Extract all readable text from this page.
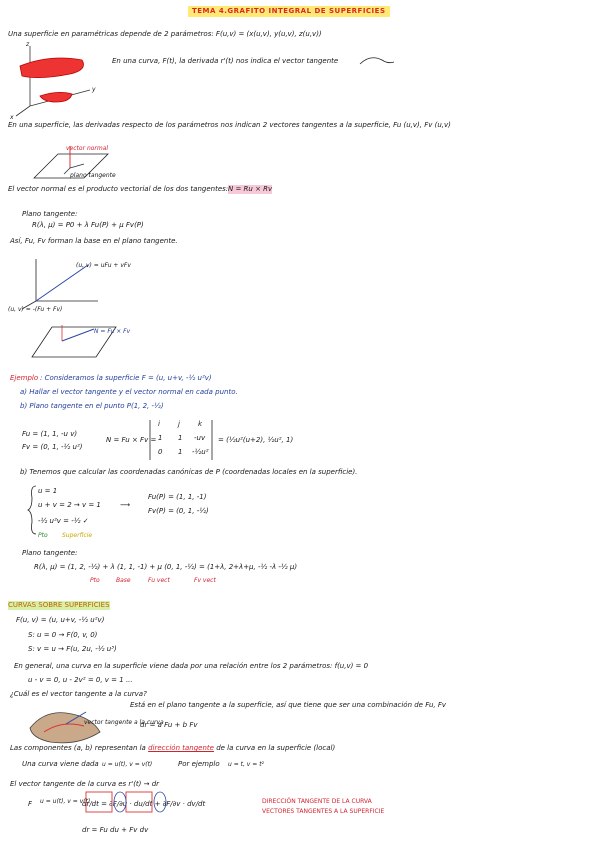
TEMA 4.GRAFITO INTEGRAL DE SUPERFICIES
Una superficie en paramétricas depende de 2 parámetros: F(u,v) = (x(u,v), y(u,v), z(u,v))
z
y
x
En una curva, F(t), la derivada r'(t) nos indica el vector tangente
En una superficie, las derivadas respecto de los parámetros nos indican 2 vectores tangentes a la superficie, Fu (u,v), Fv (u,v)
vector normal
plano tangente
El vector normal es el producto vectorial de los dos tangentes: N = Ru × Rv
Plano tangente:
R(λ, μ) = P0 + λ Fu(P) + μ Fv(P)
Así, Fu, Fv forman la base en el plano tangente.
(u, v) = uFu + vFv
(u, v) = -(Fu + Fv)
N = Fu × Fv
Ejemplo : Consideramos la superficie F = (u, u+v, -½ u²v)
a) Hallar el vector tangente y el vector normal en cada punto.
b) Plano tangente en el punto P(1, 2, -½)
Fu = (1, 1, -u v)
Fv = (0, 1, -½ u²)
N = Fu × Fv =
i	j	k
1 1 -uv
0 1 -½u²
= (½u²(u+2), ½u², 1)
b) Tenemos que calcular las coordenadas canónicas de P (coordenadas locales en la superficie).
u = 1
u + v = 2 → v = 1
-½ u²v = -½ ✓
Pto Superficie
⟶
Fu(P) = (1, 1, -1)
Fv(P) = (0, 1, -½)
Plano tangente:
R(λ, μ) = (1, 2, -½) + λ (1, 1, -1) + μ (0, 1, -½) = (1+λ, 2+λ+μ, -½ -λ -½ μ)
Pto	Base	Fu vect	Fv vect
CURVAS SOBRE SUPERFICIES
F(u, v) = (u, u+v, -½ u²v)
S: u = 0 → F(0, v, 0)
S: v = u → F(u, 2u, -½ u³)
En general, una curva en la superficie viene dada por una relación entre los 2 parámetros: f(u,v) = 0
u - v = 0, u - 2v² = 0, v = 1 ...
¿Cuál es el vector tangente a la curva?
vector tangente a la curva
Está en el plano tangente a la superficie, así que tiene que ser una combinación de Fu, Fv
dr = a Fu + b Fv
Las componentes (a, b) representan la dirección tangente de la curva en la superficie (local)
Una curva viene dada u = u(t), v = v(t)	Por ejemplo u = t, v = t²
El vector tangente de la curva es r'(t) → dr
F u = u(t), v = v(t)
dr/dt = ∂F/∂u · du/dt + ∂F/∂v · dv/dt	DIRECCIÓN TANGENTE DE LA CURVA
VECTORES TANGENTES A LA SUPERFICIE
dr = Fu du + Fv dv
